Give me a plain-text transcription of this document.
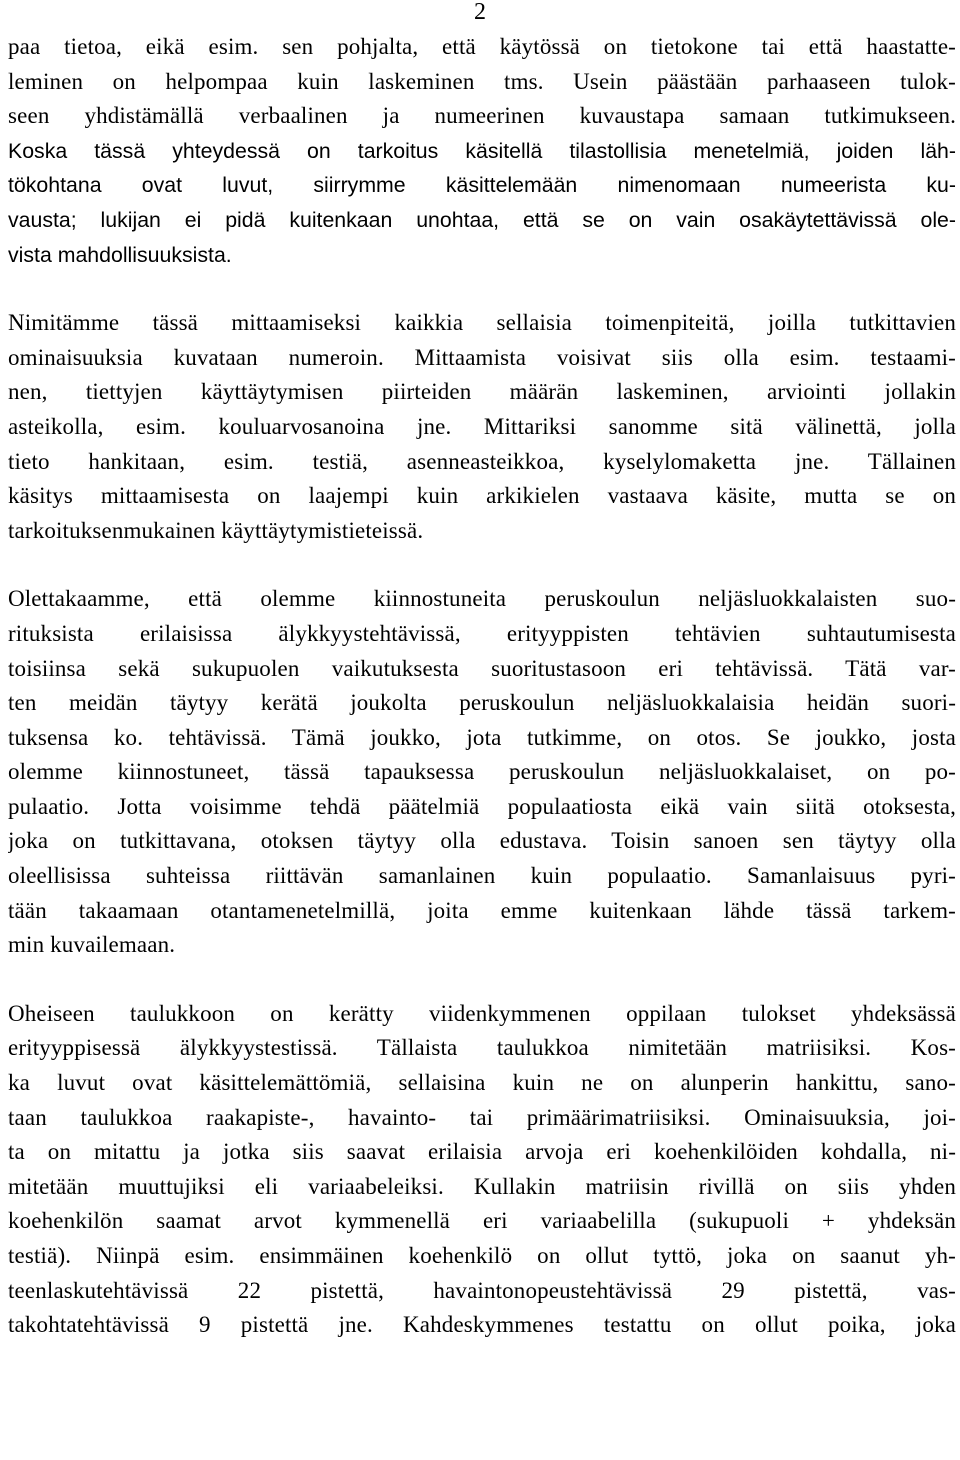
2
paa tietoa, eikä esim. sen pohjalta, että käytössä on tietokone tai että haastatte-
leminen on helpompaa kuin laskeminen tms. Usein päästään parhaaseen tulok-
seen yhdistämällä verbaalinen ja numeerinen kuvaustapa samaan tutkimukseen.
Koska tässä yhteydessä on tarkoitus käsitellä tilastollisia menetelmiä, joiden läh-
tökohtana ovat luvut, siirrymme käsittelemään nimenomaan numeerista ku-
vausta; lukijan ei pidä kuitenkaan unohtaa, että se on vain osakäytettävissä ole-
vista mahdollisuuksista.
Nimitämme tässä mittaamiseksi kaikkia sellaisia toimenpiteitä, joilla tutkittavien
ominaisuuksia kuvataan numeroin. Mittaamista voisivat siis olla esim. testaami-
nen, tiettyjen käyttäytymisen piirteiden määrän laskeminen, arviointi jollakin
asteikolla, esim. kouluarvosanoina jne. Mittariksi sanomme sitä välinettä, jolla
tieto hankitaan, esim. testiä, asenneasteikkoa, kyselylomaketta jne. Tällainen
käsitys mittaamisesta on laajempi kuin arkikielen vastaava käsite, mutta se on
tarkoituksenmukainen käyttäytymistieteissä.
Olettakaamme, että olemme kiinnostuneita peruskoulun neljäsluokkalaisten suo-
rituksista erilaisissa älykkyystehtävissä, erityyppisten tehtävien suhtautumisesta
toisiinsa sekä sukupuolen vaikutuksesta suoritustasoon eri tehtävissä. Tätä var-
ten meidän täytyy kerätä joukolta peruskoulun neljäsluokkalaisia heidän suori-
tuksensa ko. tehtävissä. Tämä joukko, jota tutkimme, on otos. Se joukko, josta
olemme kiinnostuneet, tässä tapauksessa peruskoulun neljäsluokkalaiset, on po-
pulaatio. Jotta voisimme tehdä päätelmiä populaatiosta eikä vain siitä otoksesta,
joka on tutkittavana, otoksen täytyy olla edustava. Toisin sanoen sen täytyy olla
oleellisissa suhteissa riittävän samanlainen kuin populaatio. Samanlaisuus pyri-
tään takaamaan otantamenetelmillä, joita emme kuitenkaan lähde tässä tarkem-
min kuvailemaan.
Oheiseen taulukkoon on kerätty viidenkymmenen oppilaan tulokset yhdeksässä
erityyppisessä älykkyystestissä. Tällaista taulukkoa nimitetään matriisiksi. Kos-
ka luvut ovat käsittelemättömiä, sellaisina kuin ne on alunperin hankittu, sano-
taan taulukkoa raakapiste-, havainto- tai primäärimatriisiksi. Ominaisuuksia, joi-
ta on mitattu ja jotka siis saavat erilaisia arvoja eri koehenkilöiden kohdalla, ni-
mitetään muuttujiksi eli variaabeleiksi. Kullakin matriisin rivillä on siis yhden
koehenkilön saamat arvot kymmenellä eri variaabelilla (sukupuoli + yhdeksän
testiä). Niinpä esim. ensimmäinen koehenkilö on ollut tyttö, joka on saanut yh-
teenlaskutehtävissä 22 pistettä, havaintonopeustehtävissä 29 pistettä, vas-
takohtatehtävissä 9 pistettä jne. Kahdeskymmenes testattu on ollut poika, joka
